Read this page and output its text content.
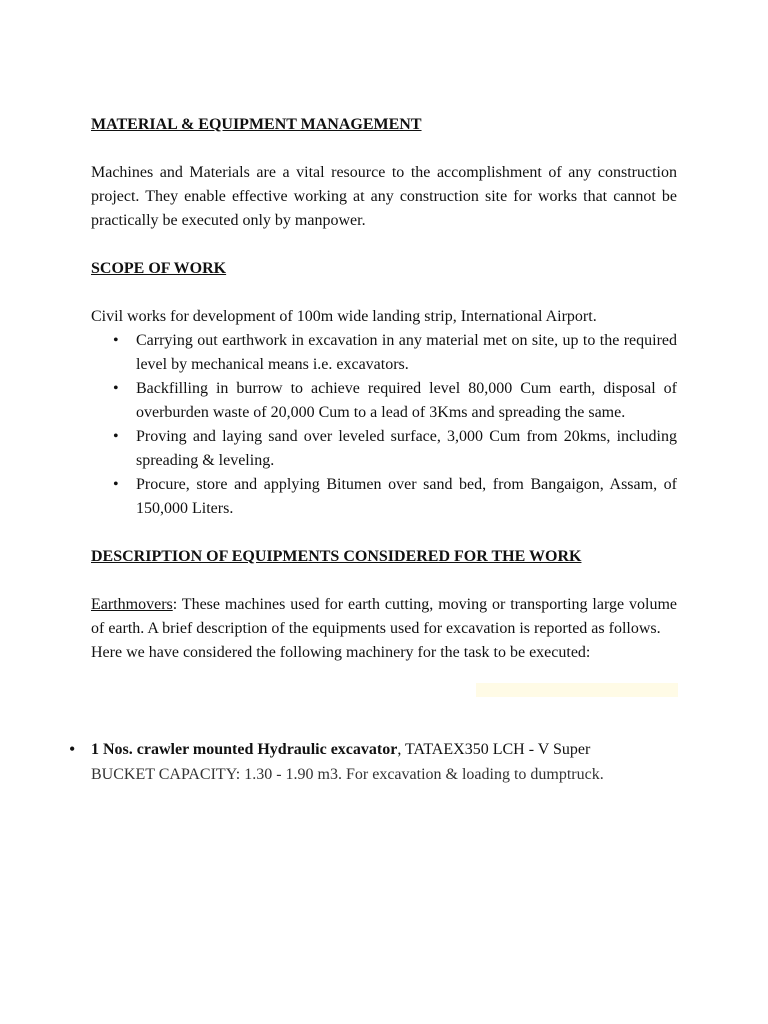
MATERIAL & EQUIPMENT MANAGEMENT

Machines and Materials are a vital resource to the accomplishment of any construction project. They enable effective working at any construction site for works that cannot be practically be executed only by manpower.

SCOPE OF WORK

Civil works for development of 100m wide landing strip, International Airport.

• Carrying out earthwork in excavation in any material met on site, up to the required level by mechanical means i.e. excavators.
• Backfilling in burrow to achieve required level 80,000 Cum earth, disposal of overburden waste of 20,000 Cum to a lead of 3Kms and spreading the same.
• Proving and laying sand over leveled surface, 3,000 Cum from 20kms, including spreading & leveling.
• Procure, store and applying Bitumen over sand bed, from Bangaigon, Assam, of 150,000 Liters.

DESCRIPTION OF EQUIPMENTS CONSIDERED FOR THE WORK

Earthmovers: These machines used for earth cutting, moving or transporting large volume of earth. A brief description of the equipments used for excavation is reported as follows.

Here we have considered the following machinery for the task to be executed:

• 1 Nos. crawler mounted Hydraulic excavator, TATAEX350 LCH - V Super
BUCKET CAPACITY: 1.30 - 1.90 m3. For excavation & loading to dumptruck.
